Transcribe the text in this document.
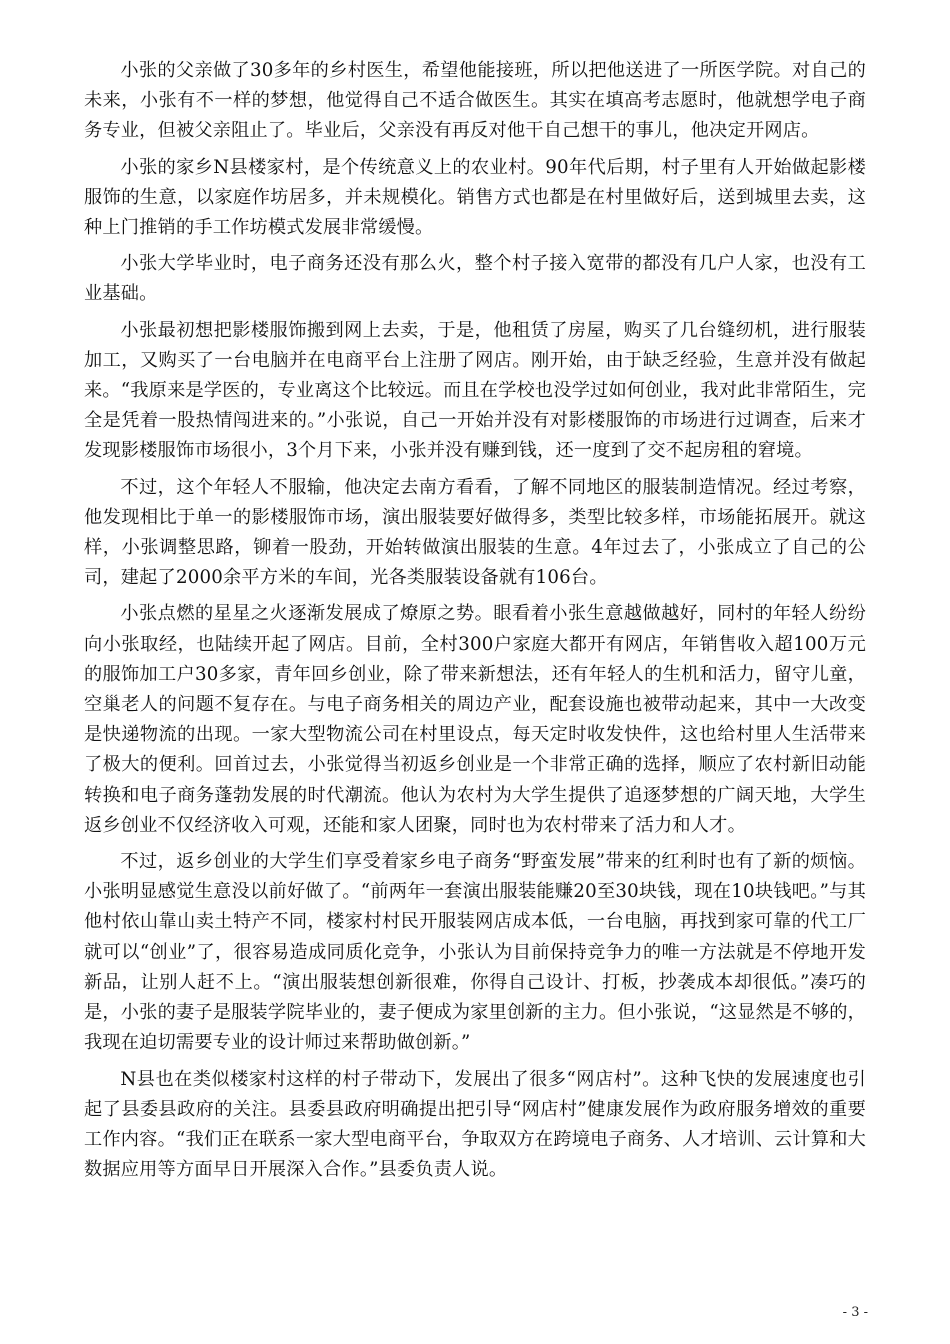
小张的父亲做了30多年的乡村医生，希望他能接班，所以把他送进了一所医学院。对自己的未来，小张有不一样的梦想，他觉得自己不适合做医生。其实在填高考志愿时，他就想学电子商务专业，但被父亲阻止了。毕业后，父亲没有再反对他干自己想干的事儿，他决定开网店。

小张的家乡N县楼家村，是个传统意义上的农业村。90年代后期，村子里有人开始做起影楼服饰的生意，以家庭作坊居多，并未规模化。销售方式也都是在村里做好后，送到城里去卖，这种上门推销的手工作坊模式发展非常缓慢。

小张大学毕业时，电子商务还没有那么火，整个村子接入宽带的都没有几户人家，也没有工业基础。

小张最初想把影楼服饰搬到网上去卖，于是，他租赁了房屋，购买了几台缝纫机，进行服装加工，又购买了一台电脑并在电商平台上注册了网店。刚开始，由于缺乏经验，生意并没有做起来。“我原来是学医的，专业离这个比较远。而且在学校也没学过如何创业，我对此非常陌生，完全是凭着一股热情闯进来的。”小张说，自己一开始并没有对影楼服饰的市场进行过调查，后来才发现影楼服饰市场很小，3个月下来，小张并没有赚到钱，还一度到了交不起房租的窘境。

不过，这个年轻人不服输，他决定去南方看看，了解不同地区的服装制造情况。经过考察，他发现相比于单一的影楼服饰市场，演出服装要好做得多，类型比较多样，市场能拓展开。就这样，小张调整思路，铆着一股劲，开始转做演出服装的生意。4年过去了，小张成立了自己的公司，建起了2000余平方米的车间，光各类服装设备就有106台。

小张点燃的星星之火逐渐发展成了燎原之势。眼看着小张生意越做越好，同村的年轻人纷纷向小张取经，也陆续开起了网店。目前，全村300户家庭大都开有网店，年销售收入超100万元的服饰加工户30多家，青年回乡创业，除了带来新想法，还有年轻人的生机和活力，留守儿童，空巢老人的问题不复存在。与电子商务相关的周边产业，配套设施也被带动起来，其中一大改变是快递物流的出现。一家大型物流公司在村里设点，每天定时收发快件，这也给村里人生活带来了极大的便利。回首过去，小张觉得当初返乡创业是一个非常正确的选择，顺应了农村新旧动能转换和电子商务蓬勃发展的时代潮流。他认为农村为大学生提供了追逐梦想的广阔天地，大学生返乡创业不仅经济收入可观，还能和家人团聚，同时也为农村带来了活力和人才。

不过，返乡创业的大学生们享受着家乡电子商务“野蛮发展”带来的红利时也有了新的烦恼。小张明显感觉生意没以前好做了。“前两年一套演出服装能赚20至30块钱，现在10块钱吧。”与其他村依山靠山卖土特产不同，楼家村村民开服装网店成本低，一台电脑，再找到家可靠的代工厂就可以“创业”了，很容易造成同质化竞争，小张认为目前保持竞争力的唯一方法就是不停地开发新品，让别人赶不上。“演出服装想创新很难，你得自己设计、打板，抄袭成本却很低。”凑巧的是，小张的妻子是服装学院毕业的，妻子便成为家里创新的主力。但小张说，“这显然是不够的，我现在迫切需要专业的设计师过来帮助做创新。”

N县也在类似楼家村这样的村子带动下，发展出了很多“网店村”。这种飞快的发展速度也引起了县委县政府的关注。县委县政府明确提出把引导“网店村”健康发展作为政府服务增效的重要工作内容。“我们正在联系一家大型电商平台，争取双方在跨境电子商务、人才培训、云计算和大数据应用等方面早日开展深入合作。”县委负责人说。

- 3 -
